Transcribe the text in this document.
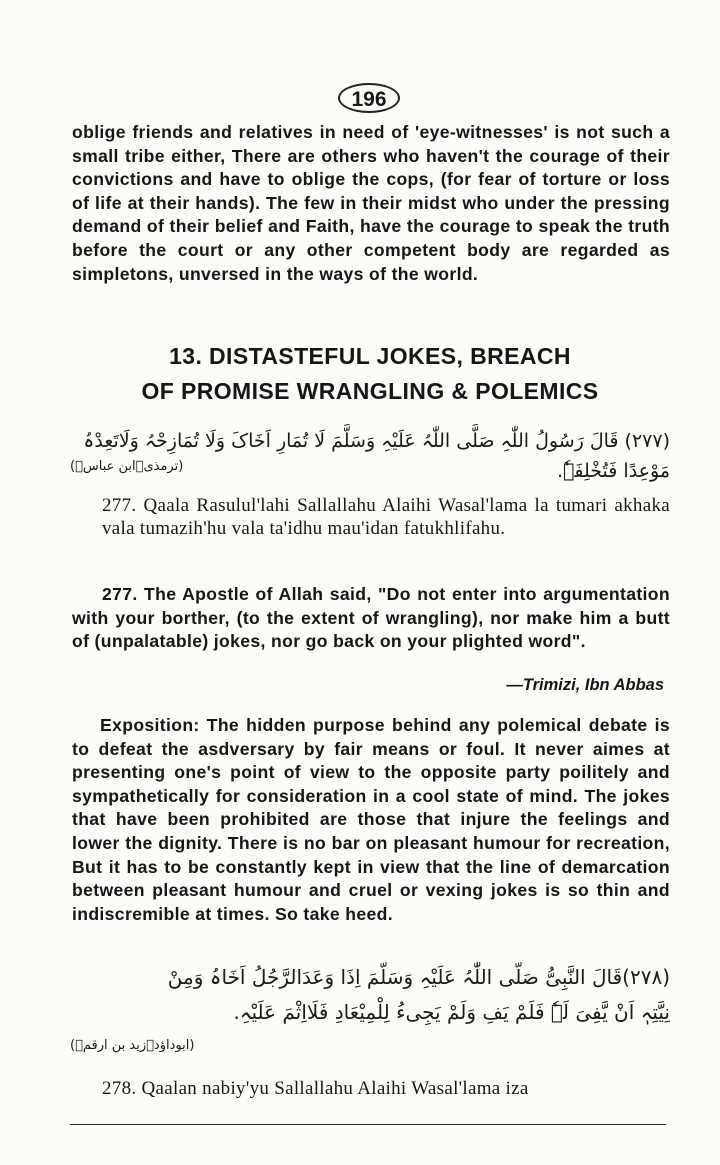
196

oblige friends and relatives in need of 'eye-witnesses' is not such a small tribe either, There are others who haven't the courage of their convictions and have to oblige the cops, (for fear of torture or loss of life at their hands). The few in their midst who under the pressing demand of their belief and Faith, have the courage to speak the truth before the court or any other competent body are regarded as simpletons, unversed in the ways of the world.

13. DISTASTEFUL JOKES, BREACH
OF PROMISE WRANGLING & POLEMICS

(۲۷۷) قَالَ رَسُولُ اللّٰہِ صَلَّی اللّٰہُ عَلَیْہِ وَسَلَّمَ لَا تُمَارِ اَخَاکَ وَلَا تُمَازِحْہُ وَلَاتَعِدْہُ مَوْعِدًا فَتُخْلِفَہٗ.

(ترمذی۔ابن عباسؓ)

277. Qaala Rasulul'lahi Sallallahu Alaihi Wasal'lama la tumari akhaka vala tumazih'hu vala ta'idhu mau'idan fatukhlifahu.

277. The Apostle of Allah said, "Do not enter into argumentation with your borther, (to the extent of wrangling), nor make him a butt of (unpalatable) jokes, nor go back on your plighted word".

—Trimizi, Ibn Abbas

Exposition: The hidden purpose behind any polemical debate is to defeat the asdversary by fair means or foul. It never aimes at presenting one's point of view to the opposite party poilitely and sympathetically for consideration in a cool state of mind. The jokes that have been prohibited are those that injure the feelings and lower the dignity. There is no bar on pleasant humour for recreation, But it has to be constantly kept in view that the line of demarcation between pleasant humour and cruel or vexing jokes is so thin and indiscremible at times. So take heed.

(۲۷۸)قَالَ النَّبِیُّ صَلَّی اللّٰہُ عَلَیْہِ وَسَلَّمَ اِذَا وَعَدَالرَّجُلُ اَخَاہُ وَمِنْ

نِیَّتِہٖ اَنْ یَّفِیَ لَہٗ فَلَمْ یَفِ وَلَمْ یَجِیءُ لِلْمِیْعَادِ فَلَااِثْمَ عَلَیْہِ.

(ابوداؤد۔زید بن ارقمؓ)

278. Qaalan nabiy'yu Sallallahu Alaihi Wasal'lama iza
